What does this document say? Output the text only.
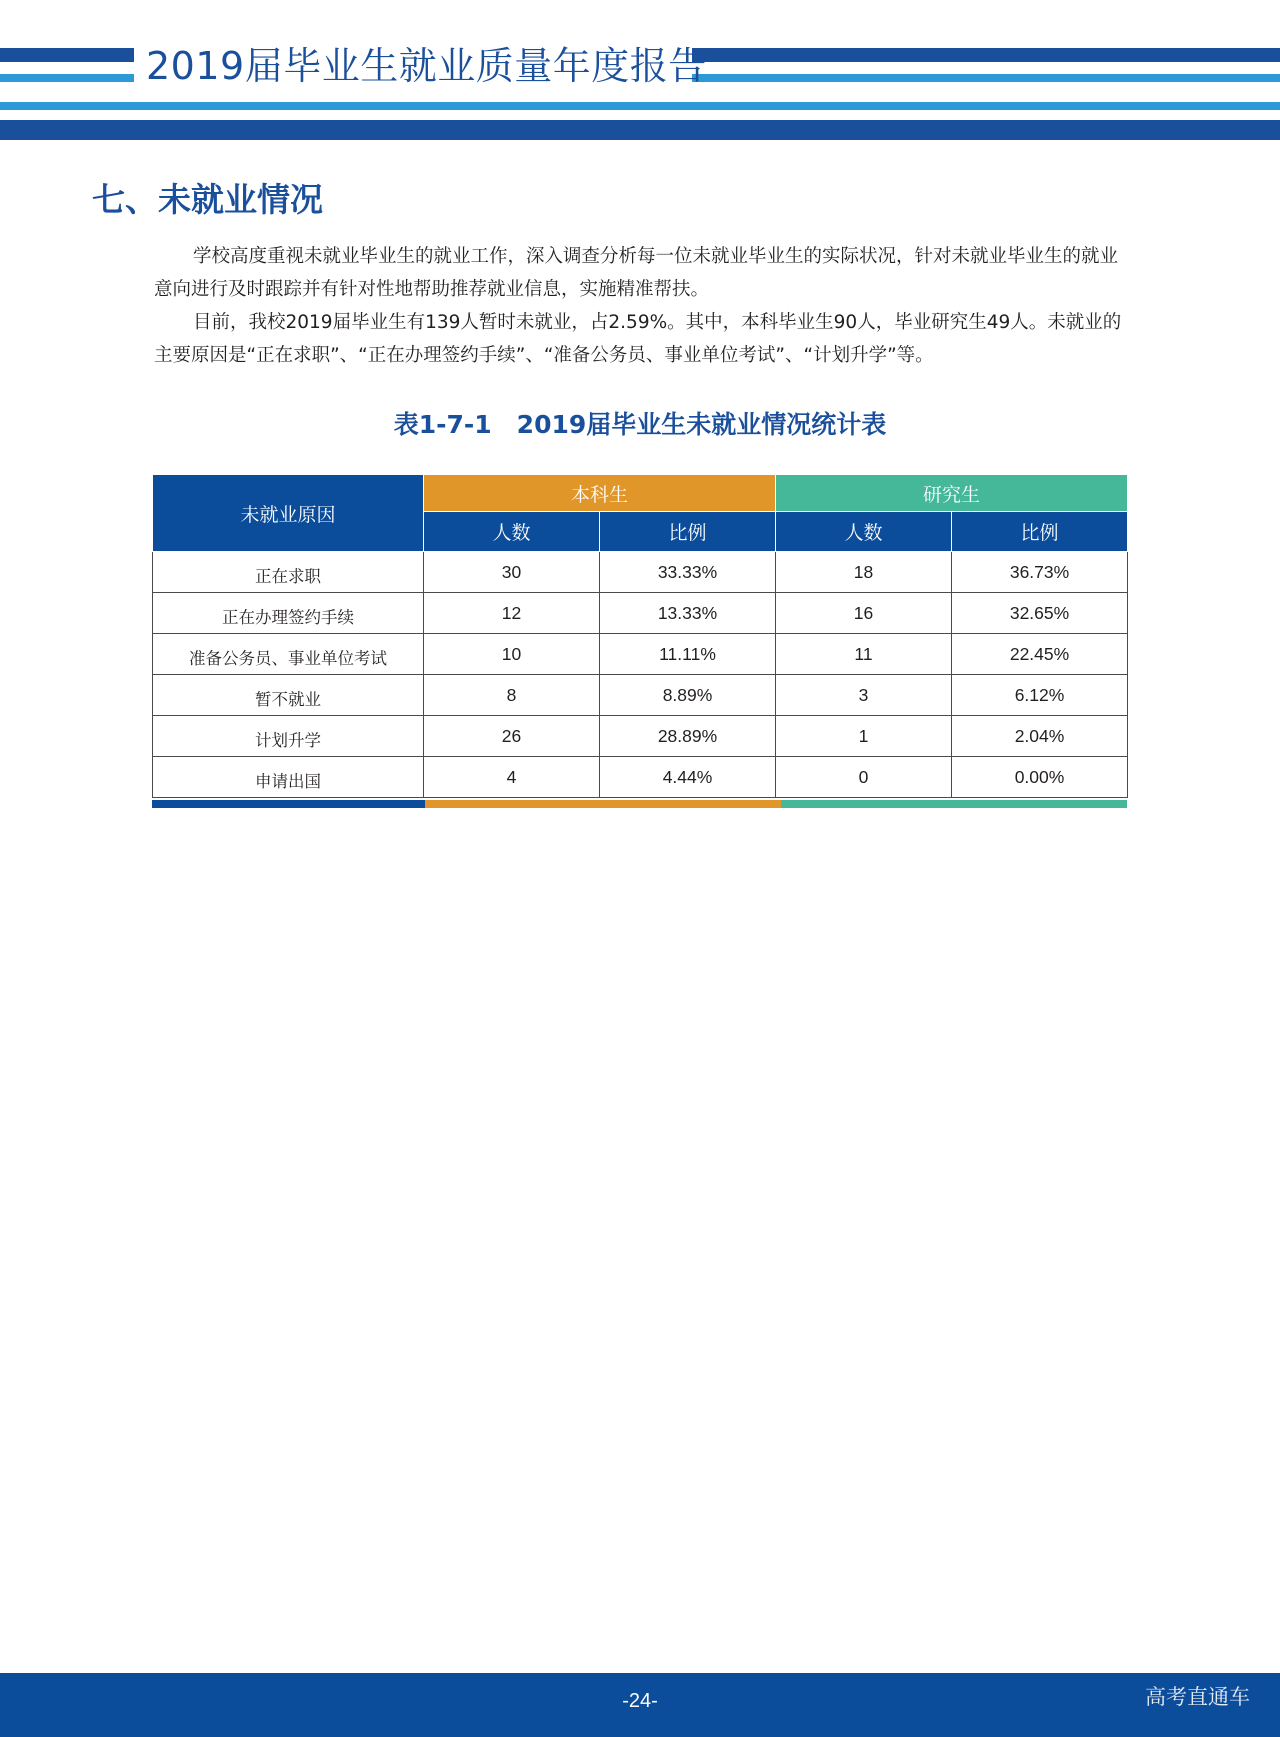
2019届毕业生就业质量年度报告
七、未就业情况

学校高度重视未就业毕业生的就业工作，深入调查分析每一位未就业毕业生的实际状况，针对未就业毕业生的就业意向进行及时跟踪并有针对性地帮助推荐就业信息，实施精准帮扶。

目前，我校2019届毕业生有139人暂时未就业，占2.59%。其中，本科毕业生90人，毕业研究生49人。未就业的主要原因是“正在求职”、“正在办理签约手续”、“准备公务员、事业单位考试”、“计划升学”等。

表1-7-1　2019届毕业生未就业情况统计表
未就业原因	本科生		研究生	
	人数	比例	人数	比例
正在求职	30	33.33%	18	36.73%
正在办理签约手续	12	13.33%	16	32.65%
准备公务员、事业单位考试	10	11.11%	11	22.45%
暂不就业	8	8.89%	3	6.12%
计划升学	26	28.89%	1	2.04%
申请出国	4	4.44%	0	0.00%
-24-	高考直通车
